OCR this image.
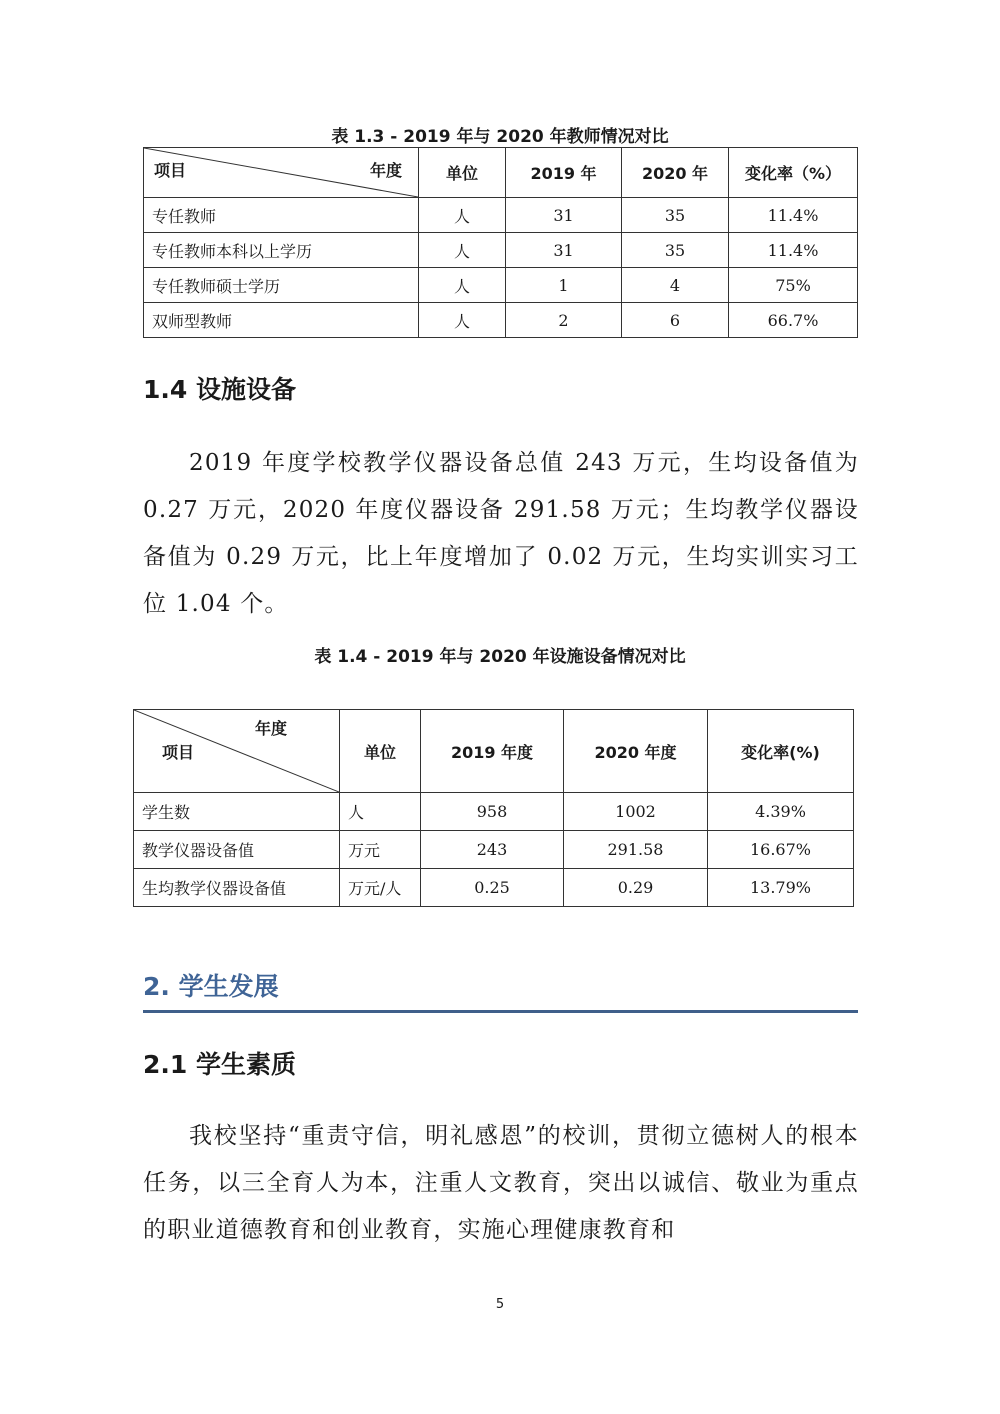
表 1.3 - 2019 年与 2020 年教师情况对比
项目 年度	单位	2019 年	2020 年	变化率（%）
专任教师	人	31	35	11.4%
专任教师本科以上学历	人	31	35	11.4%
专任教师硕士学历	人	1	4	75%
双师型教师	人	2	6	66.7%
1.4 设施设备

2019 年度学校教学仪器设备总值 243 万元，生均设备值为 0.27 万元，2020 年度仪器设备 291.58 万元；生均教学仪器设备值为 0.29 万元，比上年度增加了 0.02 万元，生均实训实习工位 1.04 个。

表 1.4 - 2019 年与 2020 年设施设备情况对比
年度
项目	单位	2019 年度	2020 年度	变化率(%)
学生数	人	958	1002	4.39%
教学仪器设备值	万元	243	291.58	16.67%
生均教学仪器设备值	万元/人	0.25	0.29	13.79%
2. 学生发展
2.1 学生素质

我校坚持“重责守信，明礼感恩”的校训，贯彻立德树人的根本任务，以三全育人为本，注重人文教育，突出以诚信、敬业为重点的职业道德教育和创业教育，实施心理健康教育和

5
